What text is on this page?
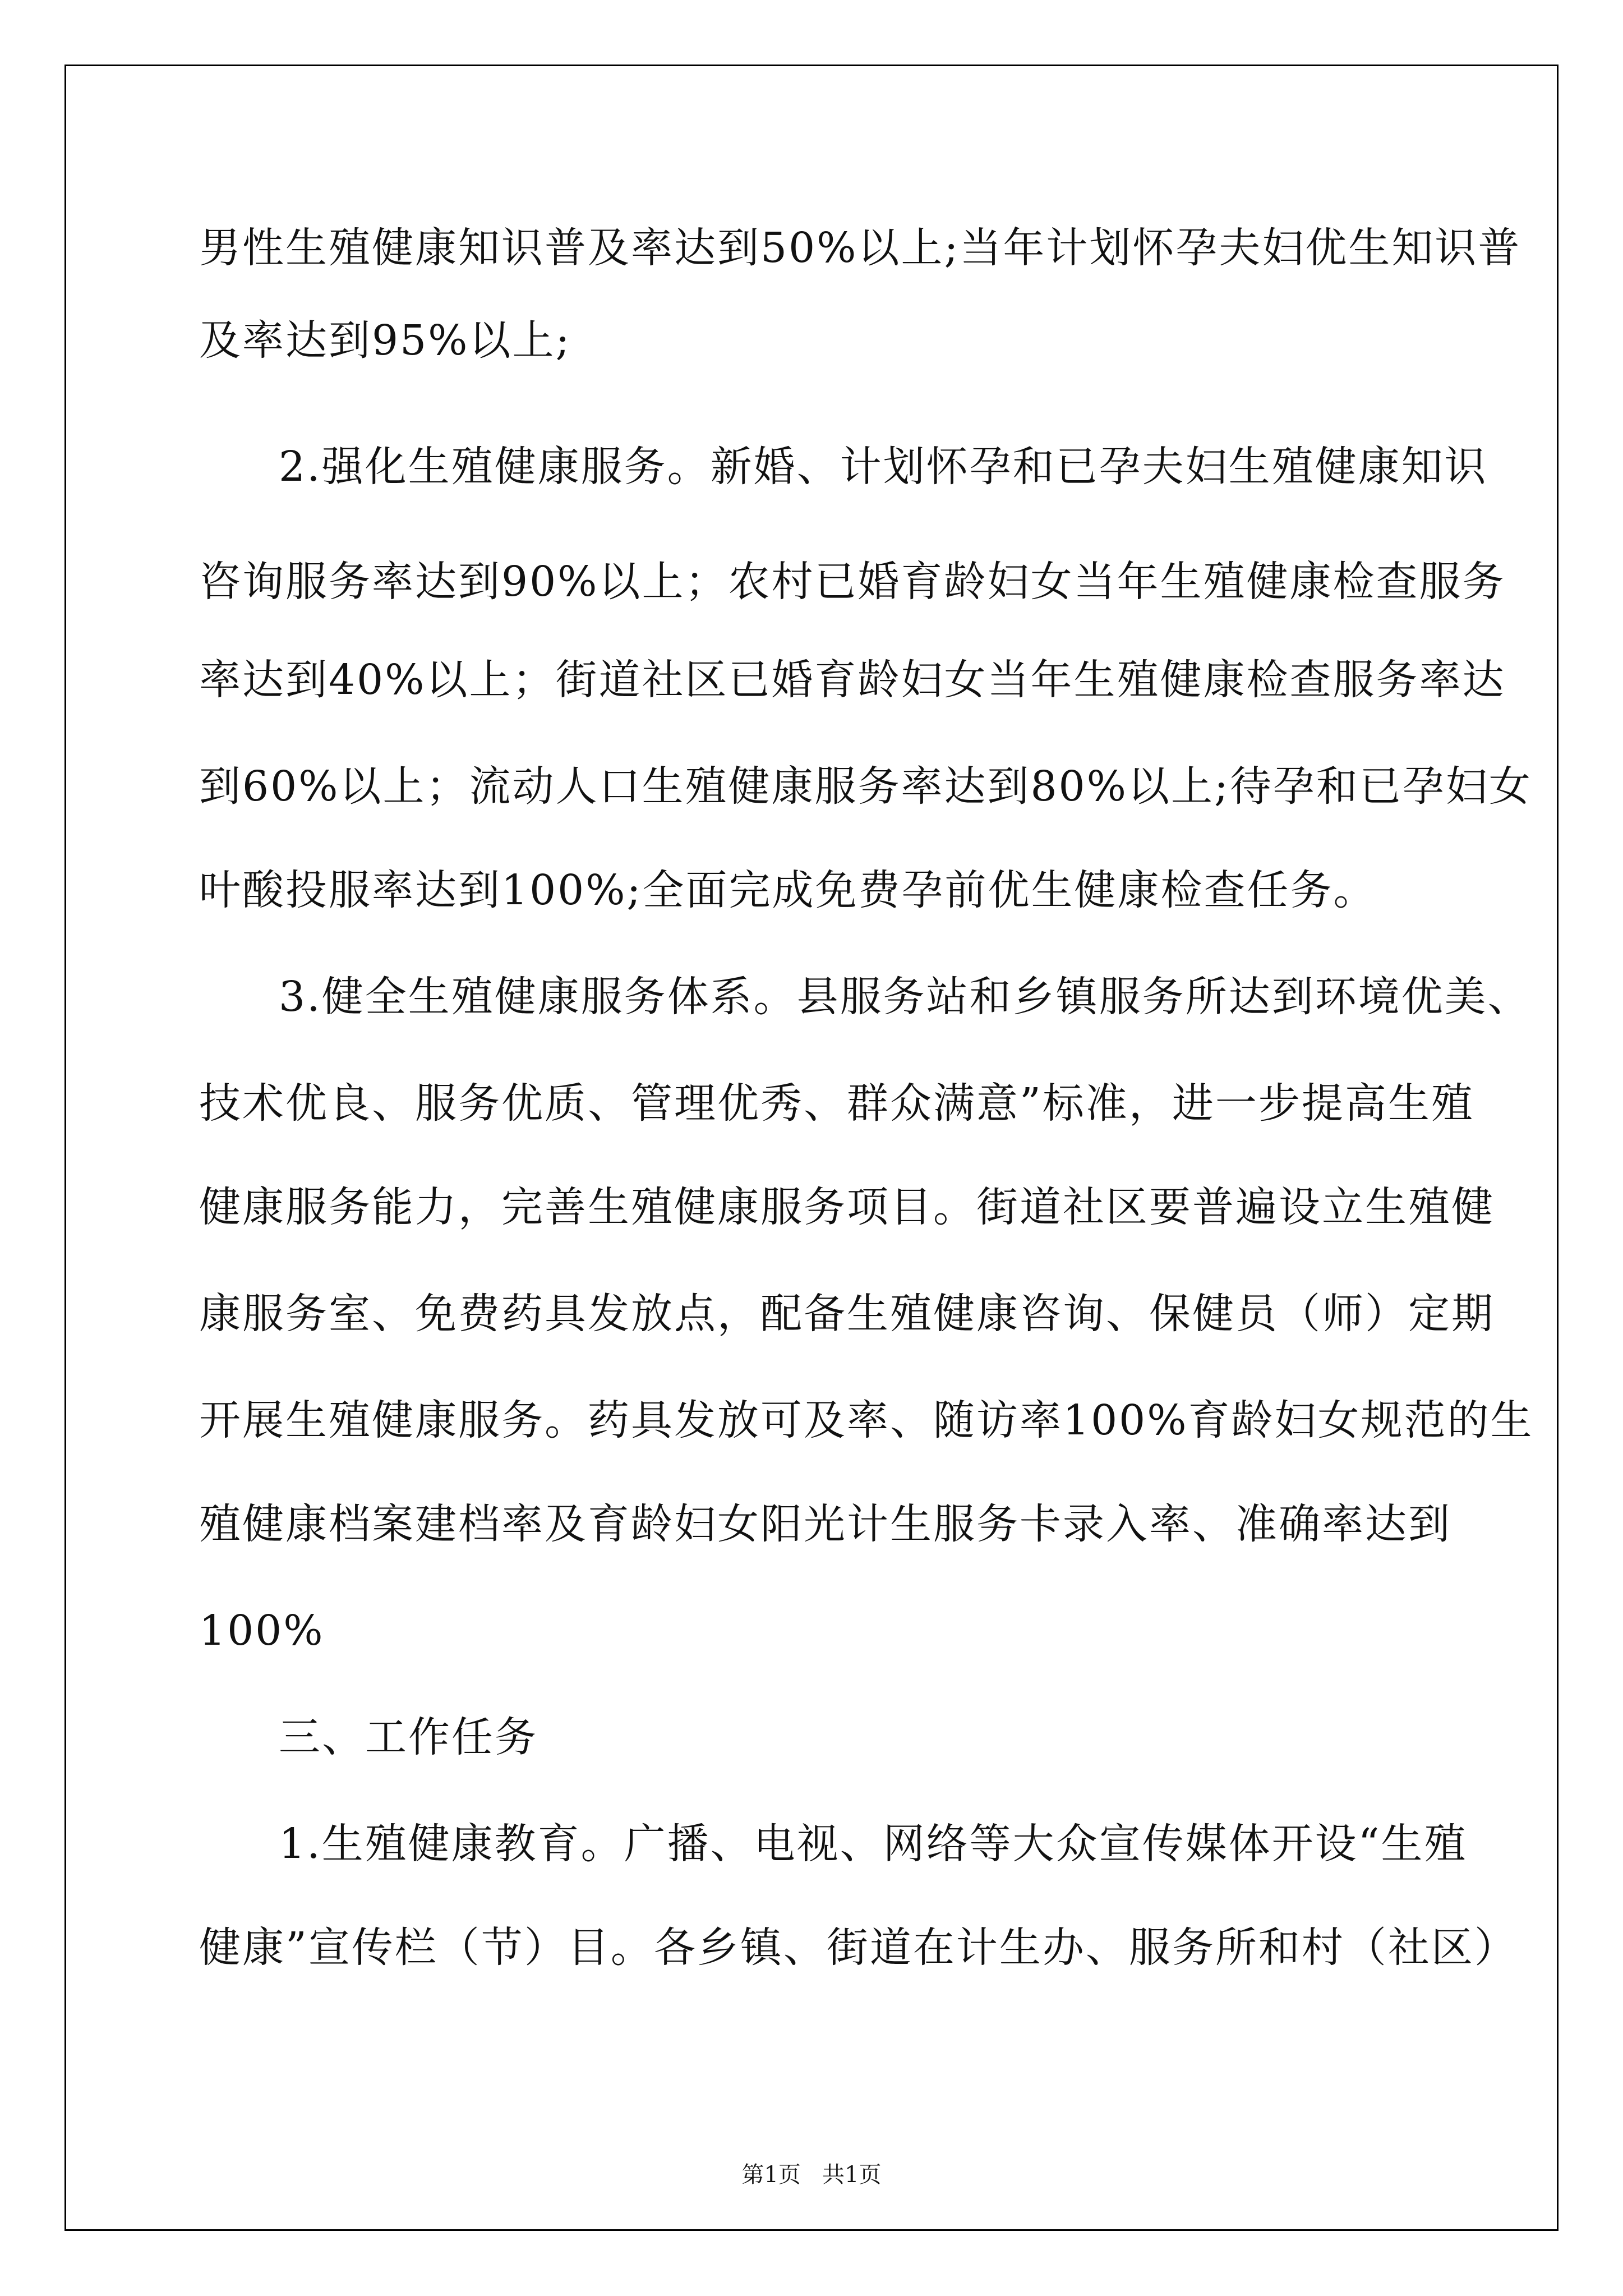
男性生殖健康知识普及率达到50%以上;当年计划怀孕夫妇优生知识普

及率达到95%以上;

2.强化生殖健康服务。新婚、计划怀孕和已孕夫妇生殖健康知识

咨询服务率达到90%以上；农村已婚育龄妇女当年生殖健康检查服务

率达到40%以上；街道社区已婚育龄妇女当年生殖健康检查服务率达

到60%以上；流动人口生殖健康服务率达到80%以上;待孕和已孕妇女

叶酸投服率达到100%;全面完成免费孕前优生健康检查任务。

3.健全生殖健康服务体系。县服务站和乡镇服务所达到环境优美、

技术优良、服务优质、管理优秀、群众满意”标准，进一步提高生殖

健康服务能力，完善生殖健康服务项目。街道社区要普遍设立生殖健

康服务室、免费药具发放点，配备生殖健康咨询、保健员（师）定期

开展生殖健康服务。药具发放可及率、随访率100%育龄妇女规范的生

殖健康档案建档率及育龄妇女阳光计生服务卡录入率、准确率达到

100%

三、工作任务

1.生殖健康教育。广播、电视、网络等大众宣传媒体开设“生殖

健康”宣传栏（节）目。各乡镇、街道在计生办、服务所和村（社区）

第1页   共1页
